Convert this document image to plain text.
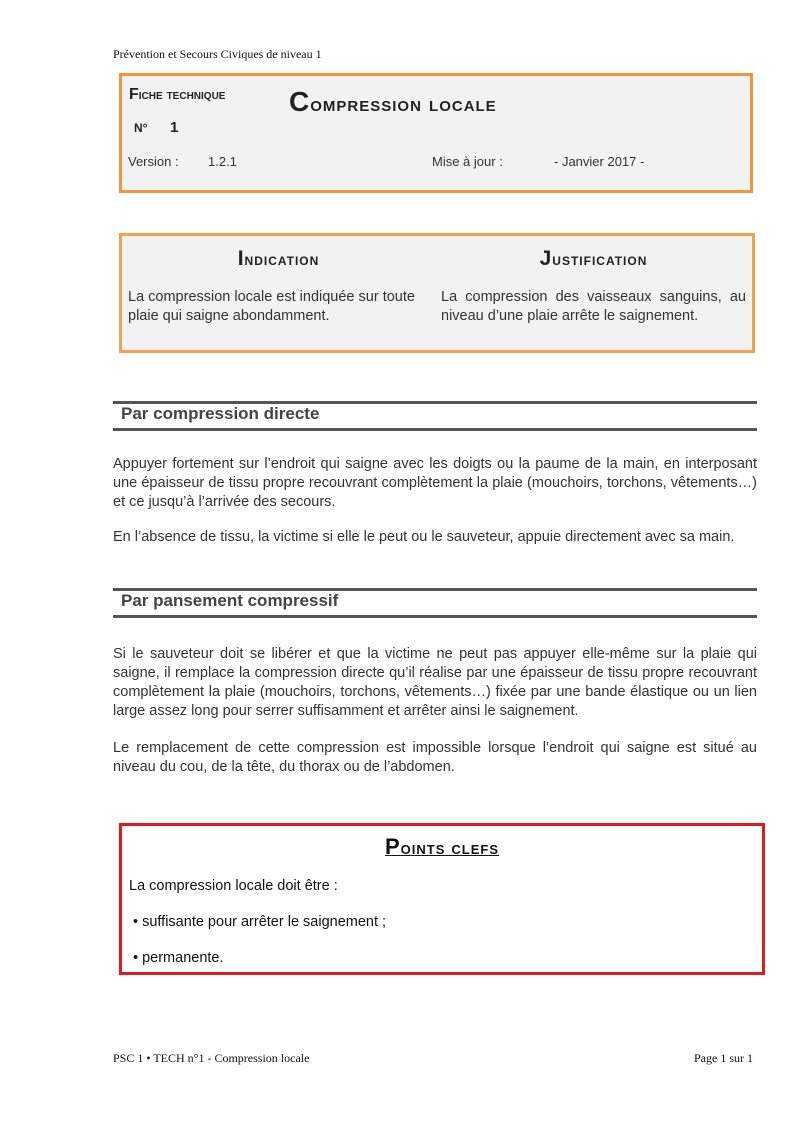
Prévention et Secours Civiques de niveau 1
Fiche technique
N°	1
Compression locale
Version :	1.2.1	Mise à jour :	- Janvier 2017 -
Indication	Justification
La compression locale est indiquée sur toute plaie qui saigne abondamment.
La compression des vaisseaux sanguins, au niveau d’une plaie arrête le saignement.
Par compression directe

Appuyer fortement sur l’endroit qui saigne avec les doigts ou la paume de la main, en interposant une épaisseur de tissu propre recouvrant complètement la plaie (mouchoirs, torchons, vêtements…) et ce jusqu’à l’arrivée des secours.

En l’absence de tissu, la victime si elle le peut ou le sauveteur, appuie directement avec sa main.

Par pansement compressif

Si le sauveteur doit se libérer et que la victime ne peut pas appuyer elle-même sur la plaie qui saigne, il remplace la compression directe qu’il réalise par une épaisseur de tissu propre recouvrant complètement la plaie (mouchoirs, torchons, vêtements…) fixée par une bande élastique ou un lien large assez long pour serrer suffisamment et arrêter ainsi le saignement.

Le remplacement de cette compression est impossible lorsque l’endroit qui saigne est situé au niveau du cou, de la tête, du thorax ou de l’abdomen.

Points clefs
La compression locale doit être :
• suffisante pour arrêter le saignement ;
• permanente.
PSC 1 • TECH n°1 - Compression locale	Page 1 sur 1
